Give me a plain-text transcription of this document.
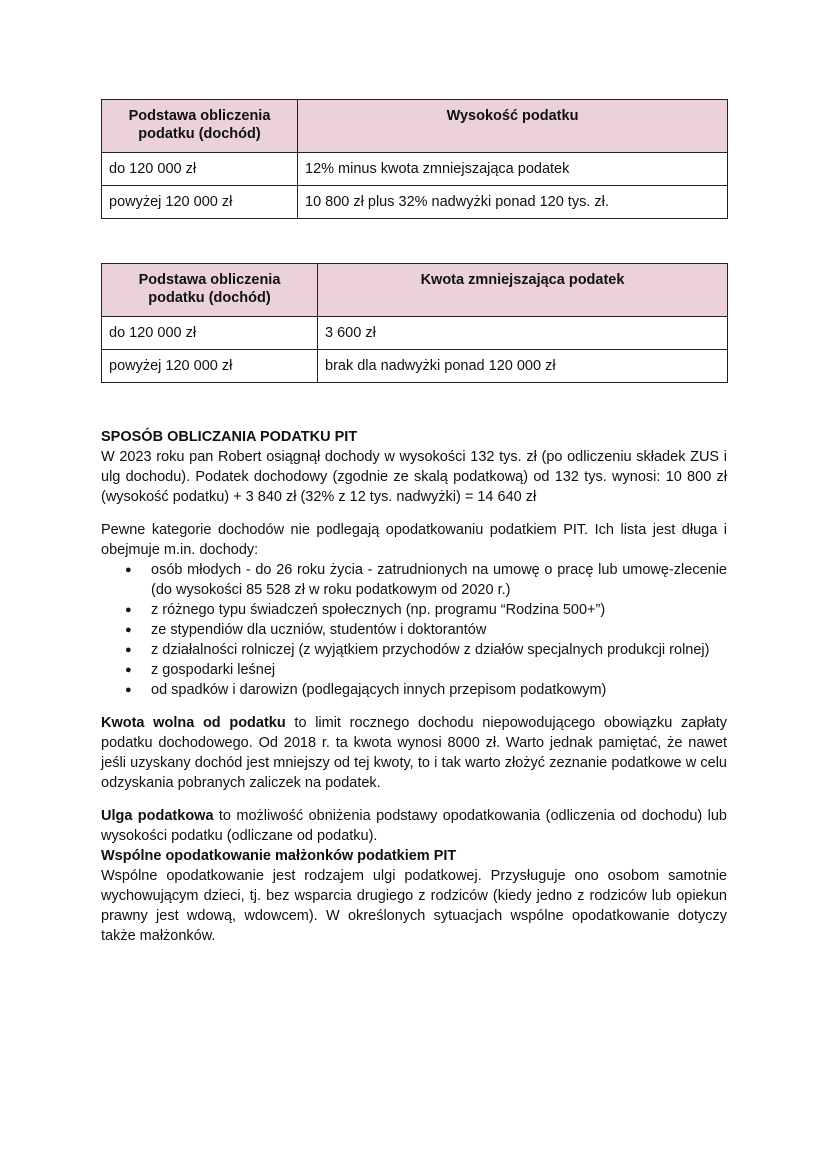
Podstawa obliczenia podatku (dochód)	Wysokość podatku
do 120 000 zł	12% minus kwota zmniejszająca podatek
powyżej 120 000 zł	10 800 zł plus 32% nadwyżki ponad 120 tys. zł.
Podstawa obliczenia podatku (dochód)	Kwota zmniejszająca podatek
do 120 000 zł	3 600 zł
powyżej 120 000 zł	brak dla nadwyżki ponad 120 000 zł
SPOSÓB OBLICZANIA PODATKU PIT

W 2023 roku pan Robert osiągnął dochody w wysokości 132 tys. zł (po odliczeniu składek ZUS i ulg dochodu). Podatek dochodowy (zgodnie ze skalą podatkową) od 132 tys. wynosi: 10 800 zł (wysokość podatku) + 3 840 zł (32% z 12 tys. nadwyżki) = 14 640 zł

Pewne kategorie dochodów nie podlegają opodatkowaniu podatkiem PIT. Ich lista jest długa i obejmuje m.in. dochody:

● osób młodych - do 26 roku życia - zatrudnionych na umowę o pracę lub umowę-zlecenie (do wysokości 85 528 zł w roku podatkowym od 2020 r.)
● z różnego typu świadczeń społecznych (np. programu “Rodzina 500+”)
● ze stypendiów dla uczniów, studentów i doktorantów
● z działalności rolniczej (z wyjątkiem przychodów z działów specjalnych produkcji rolnej)
● z gospodarki leśnej
● od spadków i darowizn (podlegających innych przepisom podatkowym)

Kwota wolna od podatku to limit rocznego dochodu niepowodującego obowiązku zapłaty podatku dochodowego. Od 2018 r. ta kwota wynosi 8000 zł. Warto jednak pamiętać, że nawet jeśli uzyskany dochód jest mniejszy od tej kwoty, to i tak warto złożyć zeznanie podatkowe w celu odzyskania pobranych zaliczek na podatek.

Ulga podatkowa to możliwość obniżenia podstawy opodatkowania (odliczenia od dochodu) lub wysokości podatku (odliczane od podatku).

Wspólne opodatkowanie małżonków podatkiem PIT

Wspólne opodatkowanie jest rodzajem ulgi podatkowej. Przysługuje ono osobom samotnie wychowującym dzieci, tj. bez wsparcia drugiego z rodziców (kiedy jedno z rodziców lub opiekun prawny jest wdową, wdowcem). W określonych sytuacjach wspólne opodatkowanie dotyczy także małżonków.
